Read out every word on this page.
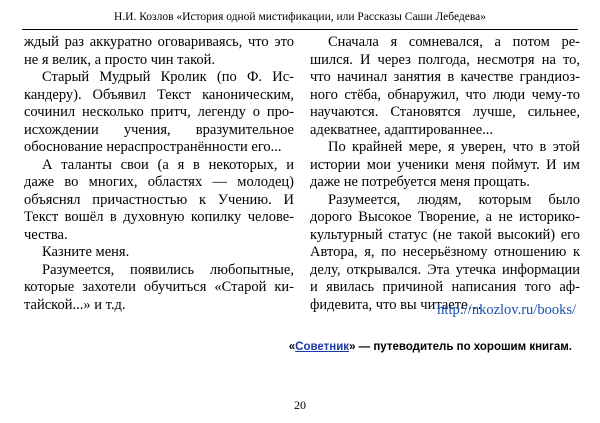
Н.И. Козлов «История одной мистификации, или Рассказы Саши Лебедева»
ждый раз аккуратно оговариваясь, что это
не я велик, а просто чин такой.
Старый Мудрый Кролик (по Ф. Ис-
кандеру). Объявил Текст каноническим,
сочинил несколько притч, легенду о про-
исхождении учения, вразумительное
обоснование нераспространённости его...
А таланты свои (а я в некоторых, и
даже во многих, областях — молодец)
объяснял причастностью к Учению. И
Текст вошёл в духовную копилку челове-
чества.
Казните меня.
Разумеется, появились любопытные,
которые захотели обучиться «Старой ки-
тайской...» и т.д.
Сначала я сомневался, а потом ре-
шился. И через полгода, несмотря на то,
что начинал занятия в качестве грандиоз-
ного стёба, обнаружил, что люди чему-то
научаются. Становятся лучше, сильнее,
адекватнее, адаптированнее...
По крайней мере, я уверен, что в этой
истории мои ученики меня поймут. И им
даже не потребуется меня прощать.
Разумеется, людям, которым было
дорого Высокое Творение, а не историко-
культурный статус (не такой высокий) его
Автора, я, по несерьёзному отношению к
делу, открывался. Эта утечка информации
и явилась причиной написания того аф-
фидевита, что вы читаете…
http://nkozlov.ru/books/
«Советник» — путеводитель по хорошим книгам.
20
